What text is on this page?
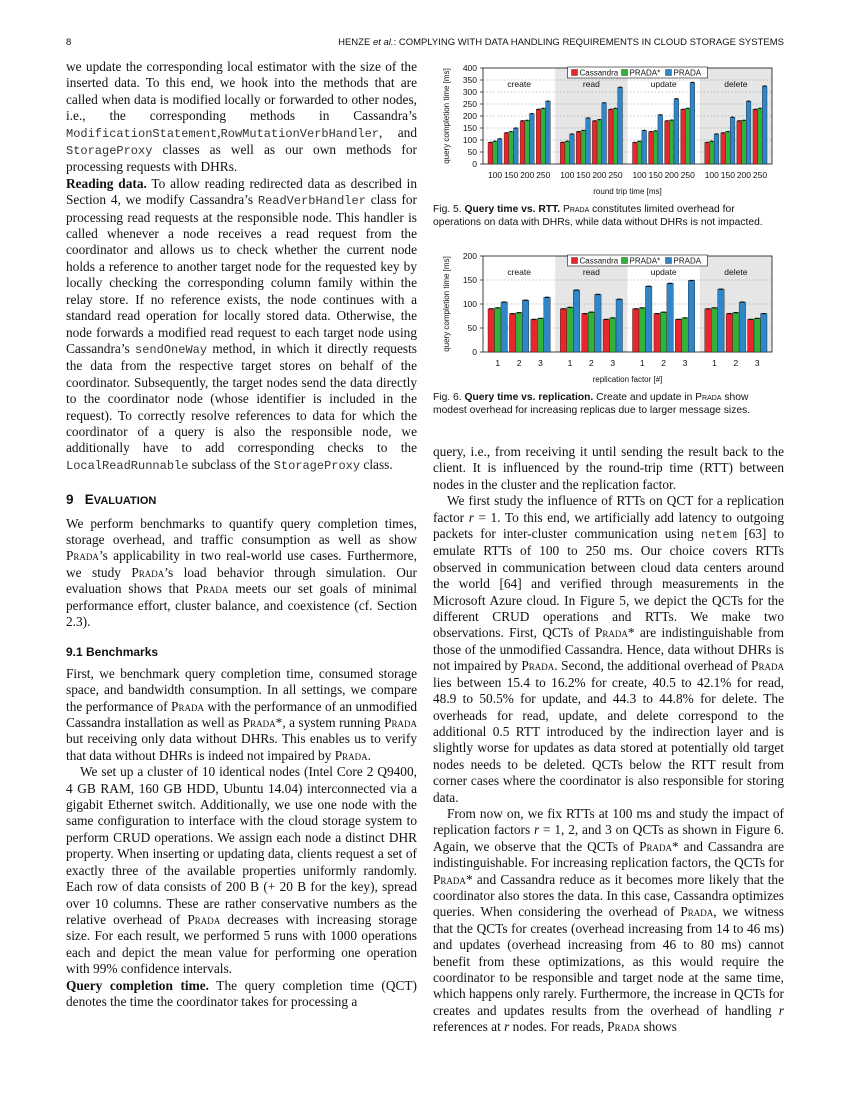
8	HENZE et al.: COMPLYING WITH DATA HANDLING REQUIREMENTS IN CLOUD STORAGE SYSTEMS

we update the corresponding local estimator with the size of the inserted data. To this end, we hook into the methods that are called when data is modified locally or forwarded to other nodes, i.e., the corresponding methods in Cassandra’s ModificationStatement,RowMutationVerbHandler, and StorageProxy classes as well as our own methods for processing requests with DHRs.

Reading data. To allow reading redirected data as described in Section 4, we modify Cassandra’s ReadVerbHandler class for processing read requests at the responsible node. This handler is called whenever a node receives a read request from the coordinator and allows us to check whether the current node holds a reference to another target node for the requested key by locally checking the corresponding column family within the relay store. If no reference exists, the node continues with a standard read operation for locally stored data. Otherwise, the node forwards a modified read request to each target node using Cassandra’s sendOneWay method, in which it directly requests the data from the respective target stores on behalf of the coordinator. Subsequently, the target nodes send the data directly to the coordinator node (whose identifier is included in the request). To correctly resolve references to data for which the coordinator of a query is also the responsible node, we additionally have to add corresponding checks to the LocalReadRunnable subclass of the StorageProxy class.

9 EVALUATION

We perform benchmarks to quantify query completion times, storage overhead, and traffic consumption as well as show Prada’s applicability in two real-world use cases. Furthermore, we study Prada’s load behavior through simulation. Our evaluation shows that Prada meets our set goals of minimal performance effort, cluster balance, and coexistence (cf. Section 2.3).

9.1 Benchmarks

First, we benchmark query completion time, consumed storage space, and bandwidth consumption. In all settings, we compare the performance of Prada with the performance of an unmodified Cassandra installation as well as Prada*, a system running Prada but receiving only data without DHRs. This enables us to verify that data without DHRs is indeed not impaired by Prada.

We set up a cluster of 10 identical nodes (Intel Core 2 Q9400, 4 GB RAM, 160 GB HDD, Ubuntu 14.04) interconnected via a gigabit Ethernet switch. Additionally, we use one node with the same configuration to interface with the cloud storage system to perform CRUD operations. We assign each node a distinct DHR property. When inserting or updating data, clients request a set of exactly three of the available properties uniformly randomly. Each row of data consists of 200 B (+ 20 B for the key), spread over 10 columns. These are rather conservative numbers as the relative overhead of Prada decreases with increasing storage size. For each result, we performed 5 runs with 1000 operations each and depict the mean value for performing one operation with 99% confidence intervals.

Query completion time. The query completion time (QCT) denotes the time the coordinator takes for processing a

0
50
100
150
200
250
300
350
400
query completion time [ms]	create	read	update	delete
100 150 200 250 100 150 200 250 100 150 200 250 100 150 200 250
round trip time [ms]
Cassandra PRADA* PRADA
Fig. 5. Query time vs. RTT. Prada constitutes limited overhead for operations on data with DHRs, while data without DHRs is not impacted.
0
50
100
150
200
query completion time [ms]	create	read	update	delete
1 2 3	1 2 3	1 2 3	1 2 3
replication factor [#]
Cassandra PRADA* PRADA
Fig. 6. Query time vs. replication. Create and update in Prada show modest overhead for increasing replicas due to larger message sizes.

query, i.e., from receiving it until sending the result back to the client. It is influenced by the round-trip time (RTT) between nodes in the cluster and the replication factor.

We first study the influence of RTTs on QCT for a replication factor r = 1. To this end, we artificially add latency to outgoing packets for inter-cluster communication using netem [63] to emulate RTTs of 100 to 250 ms. Our choice covers RTTs observed in communication between cloud data centers around the world [64] and verified through measurements in the Microsoft Azure cloud. In Figure 5, we depict the QCTs for the different CRUD operations and RTTs. We make two observations. First, QCTs of Prada* are indistinguishable from those of the unmodified Cassandra. Hence, data without DHRs is not impaired by Prada. Second, the additional overhead of Prada lies between 15.4 to 16.2% for create, 40.5 to 42.1% for read, 48.9 to 50.5% for update, and 44.3 to 44.8% for delete. The overheads for read, update, and delete correspond to the additional 0.5 RTT introduced by the indirection layer and is slightly worse for updates as data stored at potentially old target nodes needs to be deleted. QCTs below the RTT result from corner cases where the coordinator is also responsible for storing data.

From now on, we fix RTTs at 100 ms and study the impact of replication factors r = 1, 2, and 3 on QCTs as shown in Figure 6. Again, we observe that the QCTs of Prada* and Cassandra are indistinguishable. For increasing replication factors, the QCTs for Prada* and Cassandra reduce as it becomes more likely that the coordinator also stores the data. In this case, Cassandra optimizes queries. When considering the overhead of Prada, we witness that the QCTs for creates (overhead increasing from 14 to 46 ms) and updates (overhead increasing from 46 to 80 ms) cannot benefit from these optimizations, as this would require the coordinator to be responsible and target node at the same time, which happens only rarely. Furthermore, the increase in QCTs for creates and updates results from the overhead of handling r references at r nodes. For reads, Prada shows
